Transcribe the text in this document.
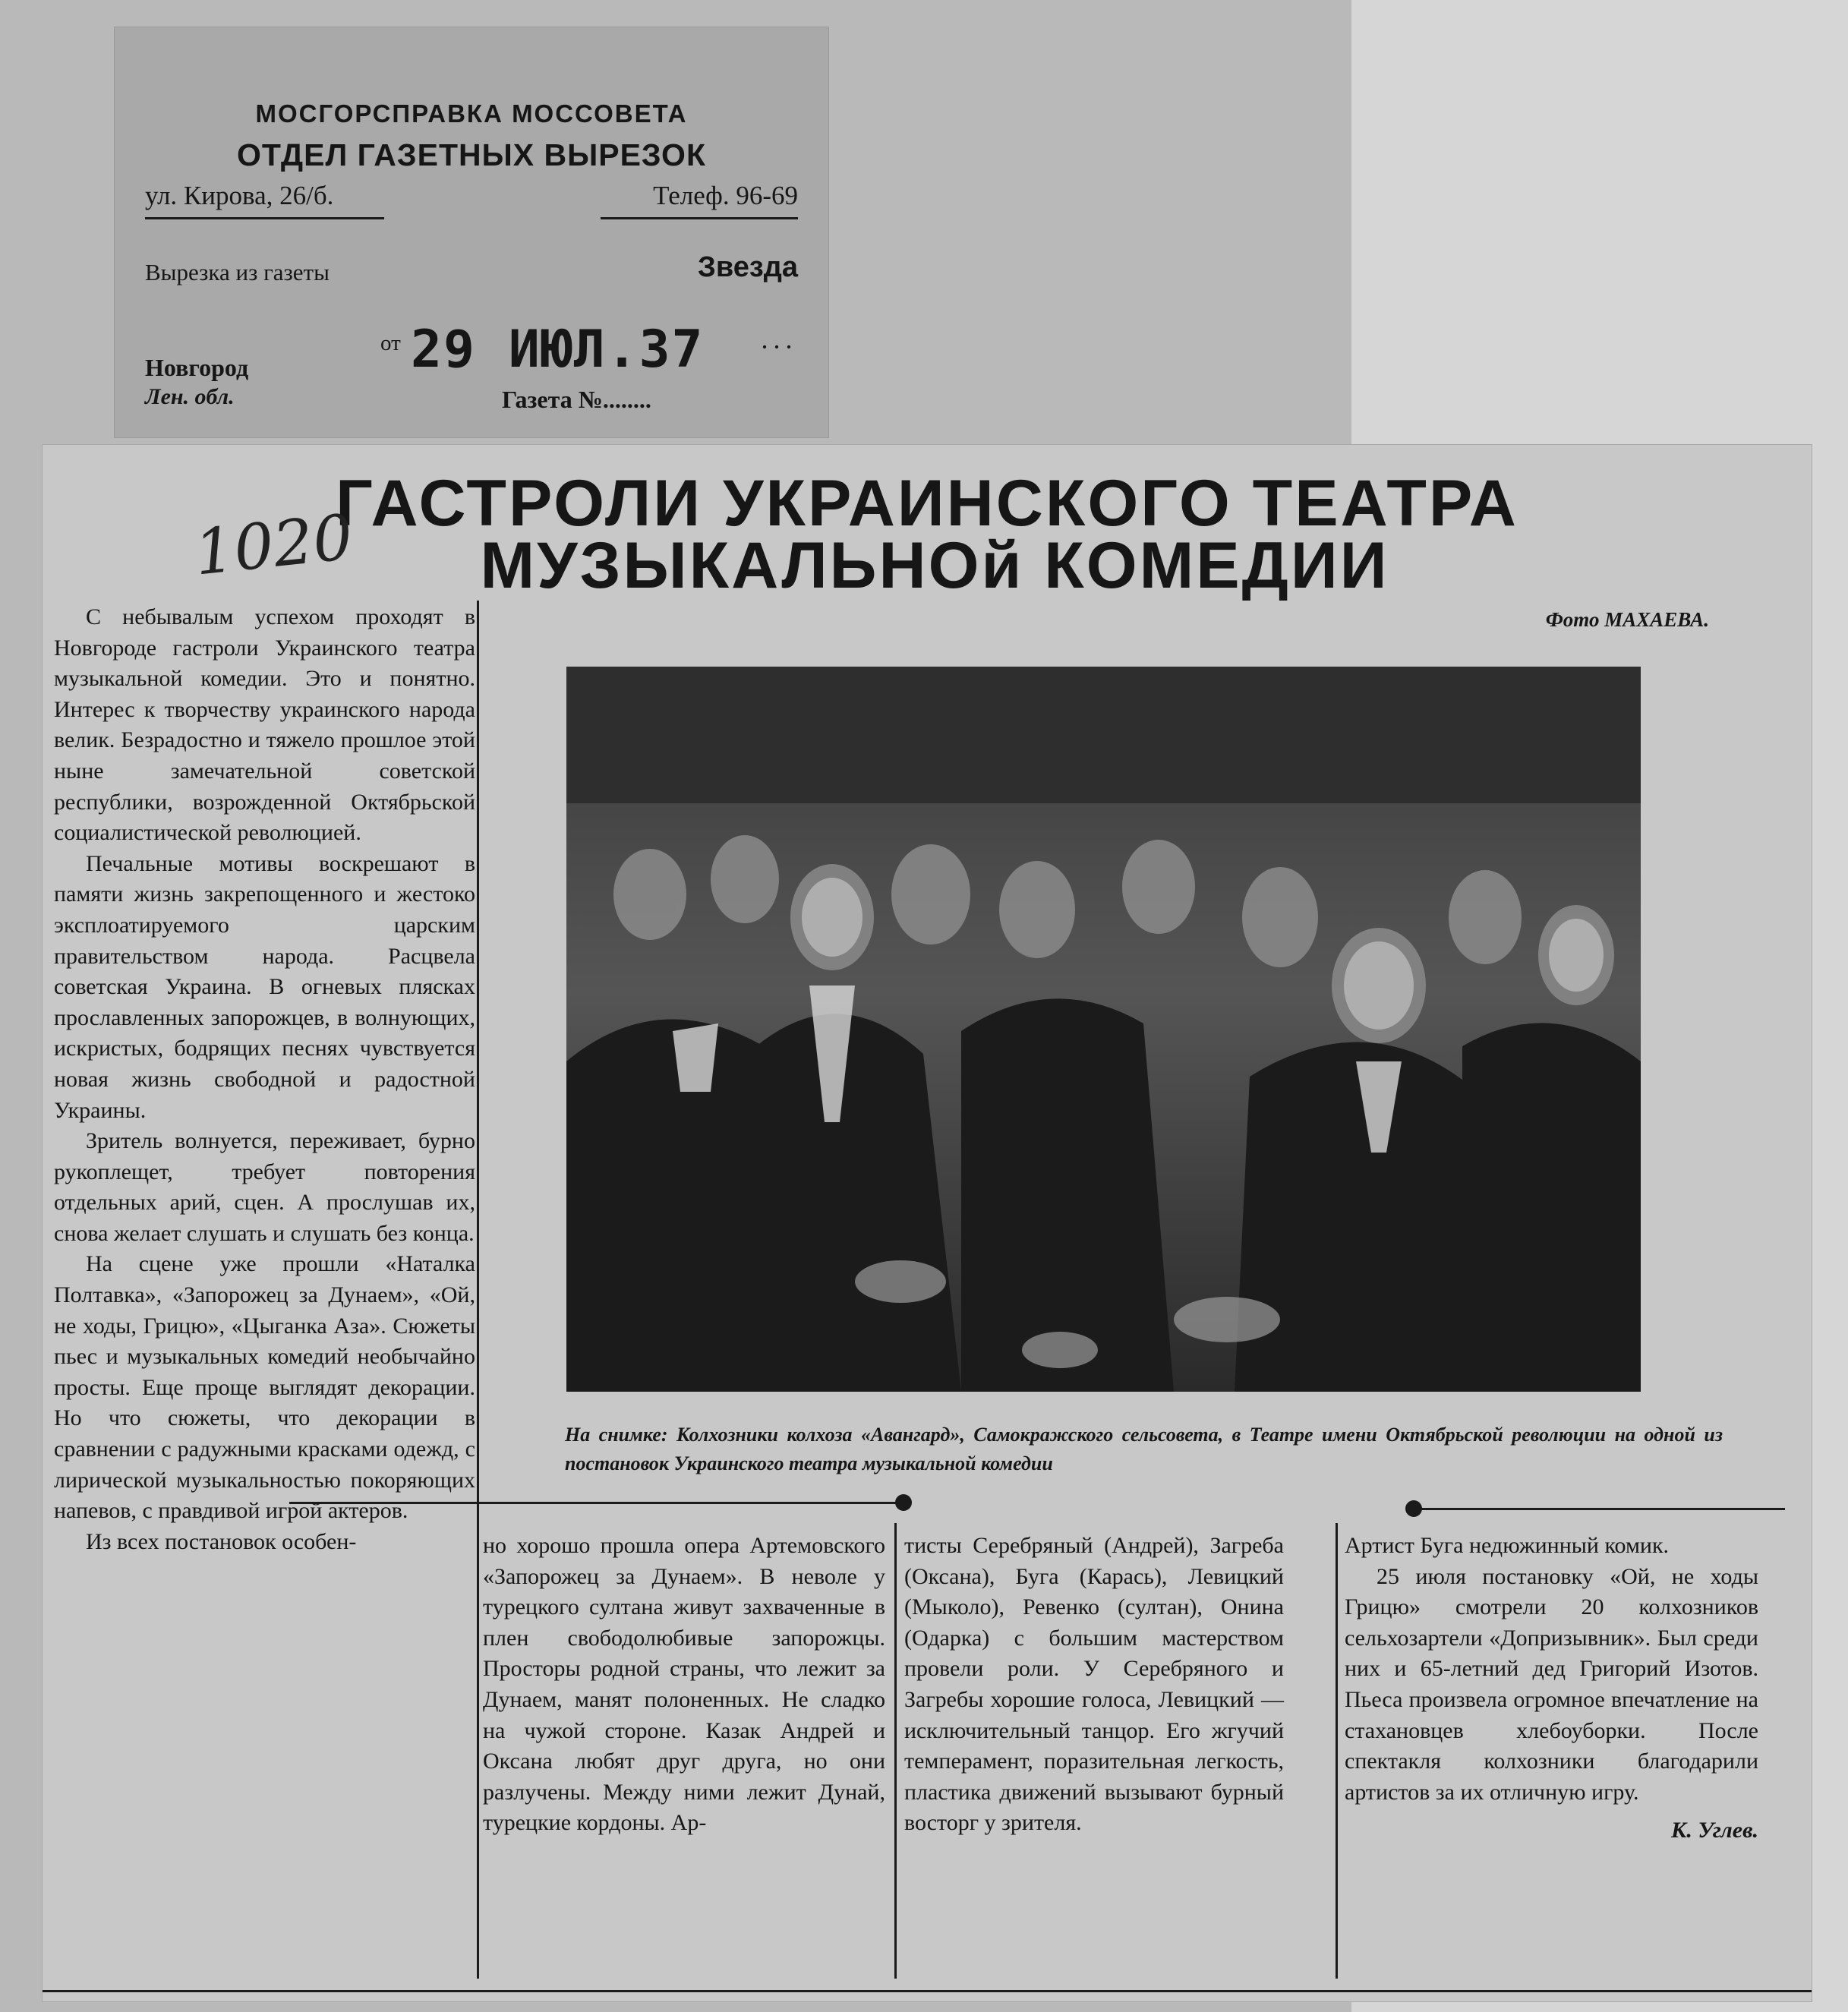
МОСГОРСПРАВКА МОССОВЕТА
ОТДЕЛ ГАЗЕТНЫХ ВЫРЕЗОК
ул. Кирова, 26/б.	Телеф. 96-69
Вырезка из газеты	Звезда
от 29 ИЮЛ.37 ···
Новгород
Лен. обл.	Газета №........
ГАСТРОЛИ УКРАИНСКОГО ТЕАТРА
МУЗЫКАЛЬНОй КОМЕДИИ
1020
Фото МАХАЕВА.
На снимке: Колхозники колхоза «Авангард», Самокражского сельсовета, в Театре имени Октябрьской революции на одной из постановок Украинского театра музыкальной комедии

С небывалым успехом проходят в Новгороде гастроли Украинского театра музыкальной комедии. Это и понятно. Интерес к творчеству украинского народа велик. Безрадостно и тяжело прошлое этой ныне замечательной советской республики, возрожденной Октябрьской социалистической революцией.

Печальные мотивы воскрешают в памяти жизнь закрепощенного и жестоко эксплоатируемого царским правительством народа. Расцвела советская Украина. В огневых плясках прославленных запорожцев, в волнующих, искристых, бодрящих песнях чувствуется новая жизнь свободной и радостной Украины.

Зритель волнуется, переживает, бурно рукоплещет, требует повторения отдельных арий, сцен. А прослушав их, снова желает слушать и слушать без конца.

На сцене уже прошли «Наталка Полтавка», «Запорожец за Дунаем», «Ой, не ходы, Грицю», «Цыганка Аза». Сюжеты пьес и музыкальных комедий необычайно просты. Еще проще выглядят декорации. Но что сюжеты, что декорации в сравнении с радужными красками одежд, с лирической музыкальностью покоряющих напевов, с правдивой игрой актеров.

Из всех постановок особен-	но хорошо прошла опера Артемовского «Запорожец за Дунаем». В неволе у турецкого султана живут захваченные в плен свободолюбивые запорожцы. Просторы родной страны, что лежит за Дунаем, манят полоненных. Не сладко на чужой стороне. Казак Андрей и Оксана любят друг друга, но они разлучены. Между ними лежит Дунай, турецкие кордоны. Ар-

тисты Серебряный (Андрей), Загреба (Оксана), Буга (Карась), Левицкий (Мыколо), Ревенко (султан), Онина (Одарка) с большим мастерством провели роли. У Серебряного и Загребы хорошие голоса, Левицкий — исключительный танцор. Его жгучий темперамент, поразительная легкость, пластика движений вызывают бурный восторг у зрителя.

Артист Буга недюжинный комик.

25 июля постановку «Ой, не ходы Грицю» смотрели 20 колхозников сельхозартели «Допризывник». Был среди них и 65-летний дед Григорий Изотов. Пьеса произвела огромное впечатление на стахановцев хлебоуборки. После спектакля колхозники благодарили артистов за их отличную игру.

К. Углев.
